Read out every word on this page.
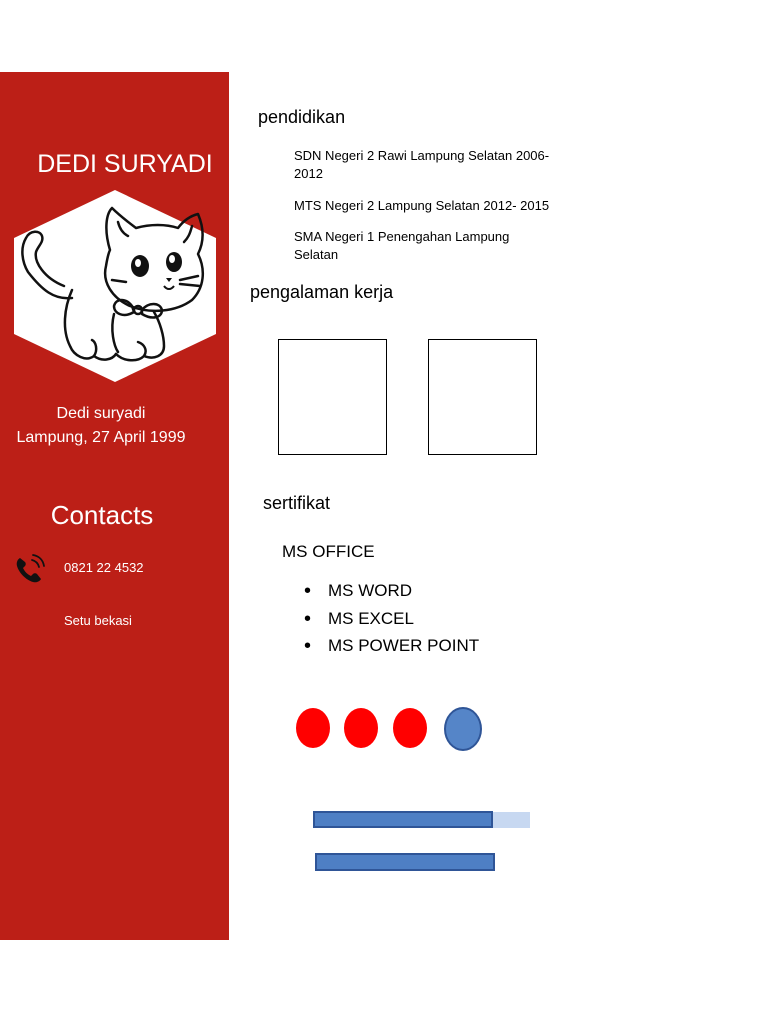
DEDI SURYADI
Dedi suryadi
Lampung, 27 April 1999
Contacts
0821 22 4532
Setu bekasi
pendidikan
SDN Negeri 2 Rawi Lampung Selatan 2006-2012
MTS Negeri 2 Lampung Selatan 2012- 2015
SMA Negeri 1 Penengahan Lampung Selatan
pengalaman kerja
sertifikat
MS OFFICE
• MS WORD
• MS EXCEL
• MS POWER POINT
